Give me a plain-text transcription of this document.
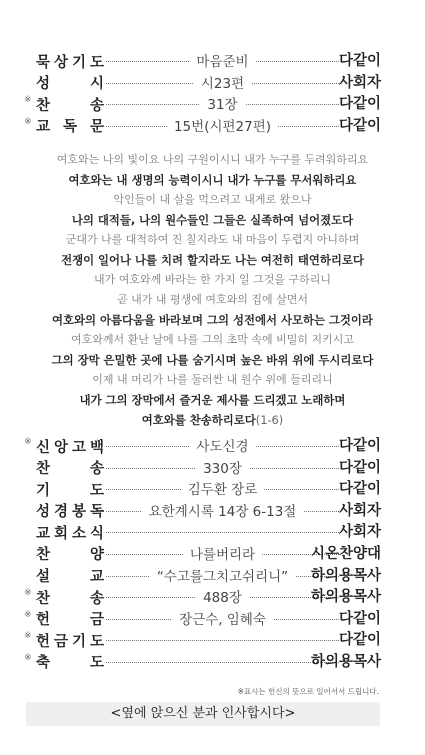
묵 상 기 도	마음준비	다같이
성	시	시23편	사회자
※ 찬	송	31장	다같이
※ 교 독 문	15번(시편27편)	다같이
여호와는 나의 빛이요 나의 구원이시니 내가 누구를 두려워하리요
여호와는 내 생명의 능력이시니 내가 누구를 무서워하리요
악인들이 내 살을 먹으려고 내게로 왔으나
나의 대적들, 나의 원수들인 그들은 실족하여 넘어졌도다
군대가 나를 대적하여 진 칠지라도 내 마음이 두렵지 아니하며
전쟁이 일어나 나를 치려 할지라도 나는 여전히 태연하리로다
내가 여호와께 바라는 한 가지 일 그것을 구하리니
곧 내가 내 평생에 여호와의 집에 살면서
여호와의 아름다움을 바라보며 그의 성전에서 사모하는 그것이라
여호와께서 환난 날에 나를 그의 초막 속에 비밀히 지키시고
그의 장막 은밀한 곳에 나를 숨기시며 높은 바위 위에 두시리로다
이제 내 머리가 나를 둘러싼 내 원수 위에 들리리니
내가 그의 장막에서 즐거운 제사를 드리겠고 노래하며
여호와를 찬송하리로다(1-6)
※ 신 앙 고 백	사도신경	다같이
찬	송	330장	다같이
기	도	김두환 장로	다같이
성 경 봉 독	요한계시록 14장 6-13절	사회자
교 회 소 식	사회자
찬	양	나를버리라	시온찬양대
설	교	“수고를그치고쉬리니”	하의용목사
※ 찬	송	488장	하의용목사
※ 헌	금	장근수, 임혜숙	다같이
※ 헌 금 기 도	다같이
※ 축	도	하의용목사
※표시는 헌신의 뜻으로 일어서서 드립니다.
<옆에 앉으신 분과 인사합시다>
